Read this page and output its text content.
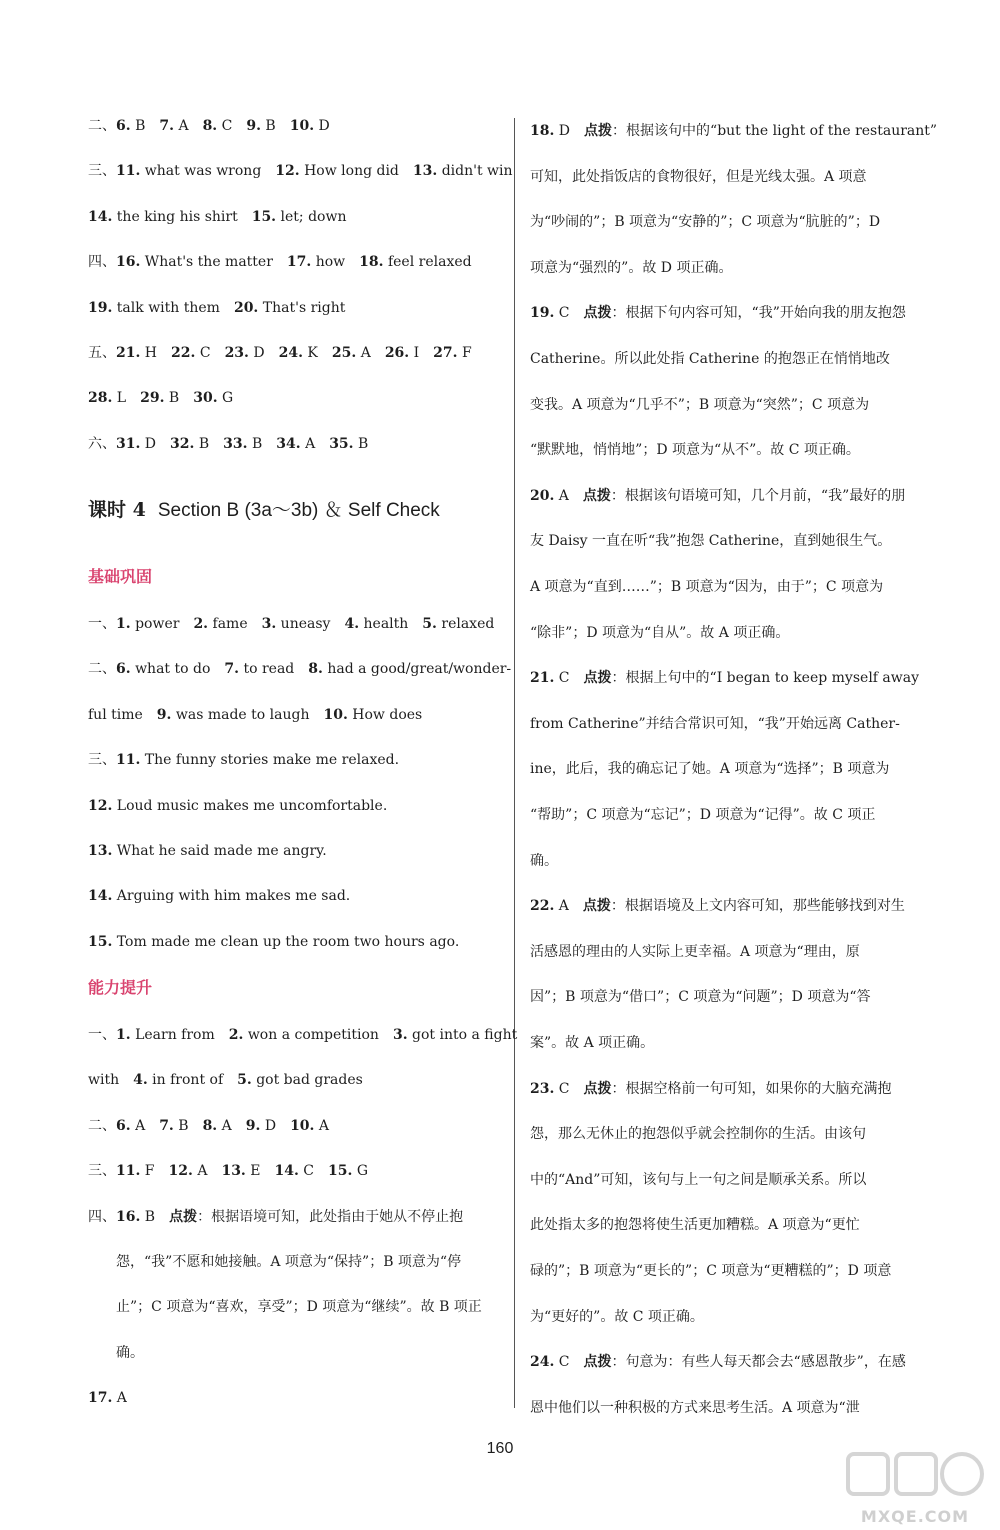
二、6. B　7. A　8. C　9. B　10. D
三、11. what was wrong　12. How long did　13. didn't win
14. the king his shirt　15. let; down
四、16. What's the matter　17. how　18. feel relaxed
19. talk with them　20. That's right
五、21. H　22. C　23. D　24. K　25. A　26. I　27. F
28. L　29. B　30. G
六、31. D　32. B　33. B　34. A　35. B
课时 4 Section B (3a～3b) ＆ Self Check
基础巩固
一、1. power　2. fame　3. uneasy　4. health　5. relaxed
二、6. what to do　7. to read　8. had a good/great/wonder-
ful time　9. was made to laugh　10. How does
三、11. The funny stories make me relaxed.
12. Loud music makes me uncomfortable.
13. What he said made me angry.
14. Arguing with him makes me sad.
15. Tom made me clean up the room two hours ago.
能力提升
一、1. Learn from　2. won a competition　3. got into a fight
with　4. in front of　5. got bad grades
二、6. A　7. B　8. A　9. D　10. A
三、11. F　12. A　13. E　14. C　15. G
四、16. B　点拨：根据语境可知，此处指由于她从不停止抱
　　怨，“我”不愿和她接触。A 项意为“保持”；B 项意为“停
　　止”；C 项意为“喜欢，享受”；D 项意为“继续”。故 B 项正
　　确。
17. A
18. D　点拨：根据该句中的“but the light of the restaurant”
可知，此处指饭店的食物很好，但是光线太强。A 项意
为“吵闹的”；B 项意为“安静的”；C 项意为“肮脏的”；D
项意为“强烈的”。故 D 项正确。
19. C　点拨：根据下句内容可知，“我”开始向我的朋友抱怨
Catherine。所以此处指 Catherine 的抱怨正在悄悄地改
变我。A 项意为“几乎不”；B 项意为“突然”；C 项意为
“默默地，悄悄地”；D 项意为“从不”。故 C 项正确。
20. A　点拨：根据该句语境可知，几个月前，“我”最好的朋
友 Daisy 一直在听“我”抱怨 Catherine，直到她很生气。
A 项意为“直到……”；B 项意为“因为，由于”；C 项意为
“除非”；D 项意为“自从”。故 A 项正确。
21. C　点拨：根据上句中的“I began to keep myself away
from Catherine”并结合常识可知，“我”开始远离 Cather-
ine，此后，我的确忘记了她。A 项意为“选择”；B 项意为
“帮助”；C 项意为“忘记”；D 项意为“记得”。故 C 项正
确。
22. A　点拨：根据语境及上文内容可知，那些能够找到对生
活感恩的理由的人实际上更幸福。A 项意为“理由，原
因”；B 项意为“借口”；C 项意为“问题”；D 项意为“答
案”。故 A 项正确。
23. C　点拨：根据空格前一句可知，如果你的大脑充满抱
怨，那么无休止的抱怨似乎就会控制你的生活。由该句
中的“And”可知，该句与上一句之间是顺承关系。所以
此处指太多的抱怨将使生活更加糟糕。A 项意为“更忙
碌的”；B 项意为“更长的”；C 项意为“更糟糕的”；D 项意
为“更好的”。故 C 项正确。
24. C　点拨：句意为：有些人每天都会去“感恩散步”，在感
恩中他们以一种积极的方式来思考生活。A 项意为“泄
160
MXQE.COM
